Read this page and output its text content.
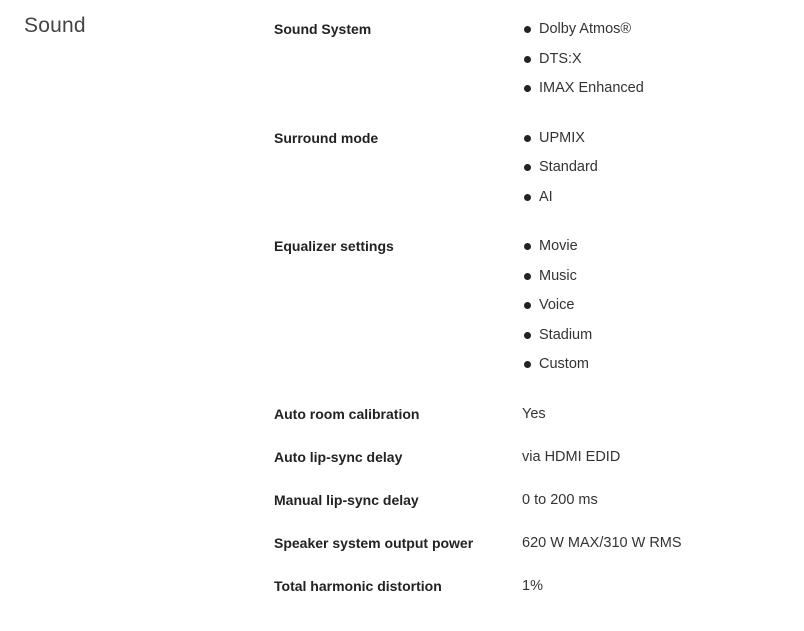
Sound	Sound System	Dolby Atmos®
DTS:X
IMAX Enhanced
Surround mode	UPMIX
Standard
AI
Equalizer settings	Movie
Music
Voice
Stadium
Custom
Auto room calibration	Yes
Auto lip-sync delay	via HDMI EDID
Manual lip-sync delay	0 to 200 ms
Speaker system output power	620 W MAX/310 W RMS
Total harmonic distortion	1%
